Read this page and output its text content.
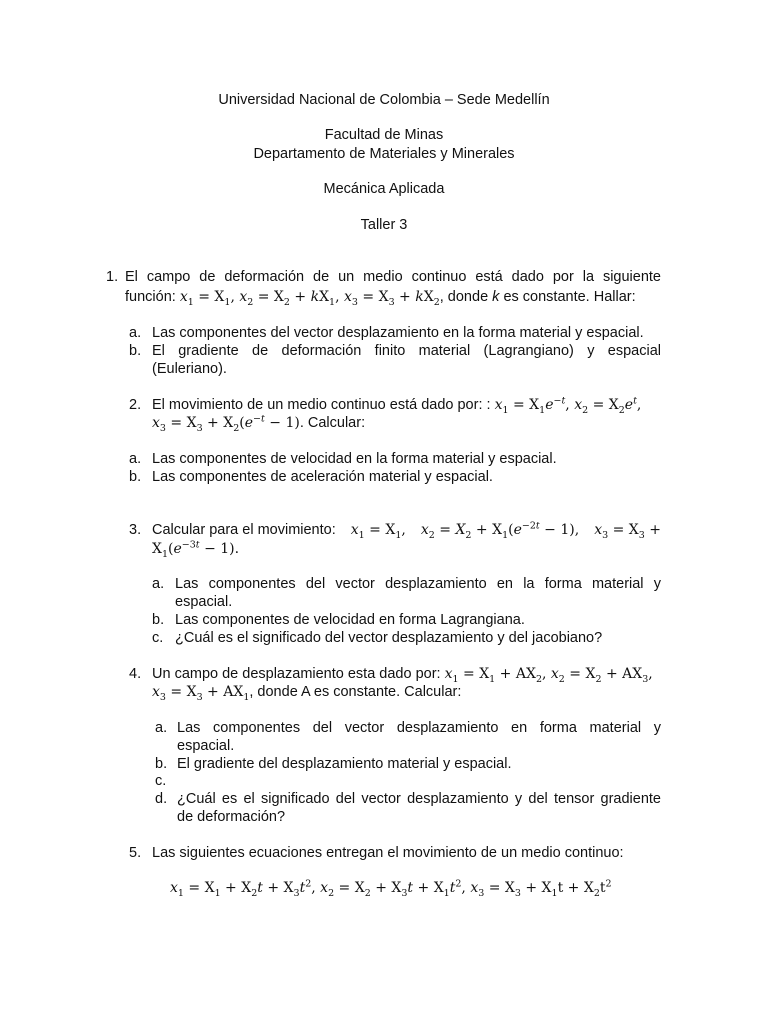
Universidad Nacional de Colombia – Sede Medellín
Facultad de Minas
Departamento de Materiales y Minerales
Mecánica Aplicada
Taller 3
1. El campo de deformación de un medio continuo está dado por la siguiente
función: $x_1 = X_1$, $x_2 = X_2 + kX_1$, $x_3 = X_3 + kX_2$, donde k es constante. Hallar:
a. Las componentes del vector desplazamiento en la forma material y espacial.
b. El gradiente de deformación finito material (Lagrangiano) y espacial
(Euleriano).
2. El movimiento de un medio continuo está dado por: : $x_1 = X_1e^{-t}$, $x_2 = X_2e^t$,
$x_3 = X_3 + X_2(e^{-t} - 1)$. Calcular:
a. Las componentes de velocidad en la forma material y espacial.
b. Las componentes de aceleración material y espacial.
3. Calcular para el movimiento: $x_1 = X_1$, $x_2 = X_2 + X_1(e^{-2t} - 1)$, $x_3 = X_3$ +
$X_1(e^{-3t} - 1)$.
a. Las componentes del vector desplazamiento en la forma material y
espacial.
b. Las componentes de velocidad en forma Lagrangiana.
c. ¿Cuál es el significado del vector desplazamiento y del jacobiano?
4. Un campo de desplazamiento esta dado por: $x_1 = X_1 + AX_2$, $x_2 = X_2 + AX_3$,
$x_3 = X_3 + AX_1$, donde A es constante. Calcular:
a. Las componentes del vector desplazamiento en forma material y
espacial.
b. El gradiente del desplazamiento material y espacial.
c.
d. ¿Cuál es el significado del vector desplazamiento y del tensor gradiente
de deformación?
5. Las siguientes ecuaciones entregan el movimiento de un medio continuo:
$x_1 = X_1 + X_2t + X_3t^2$, $x_2 = X_2 + X_3t + X_1t^2$, $x_3 = X_3 + X_1t + X_2t^2$
